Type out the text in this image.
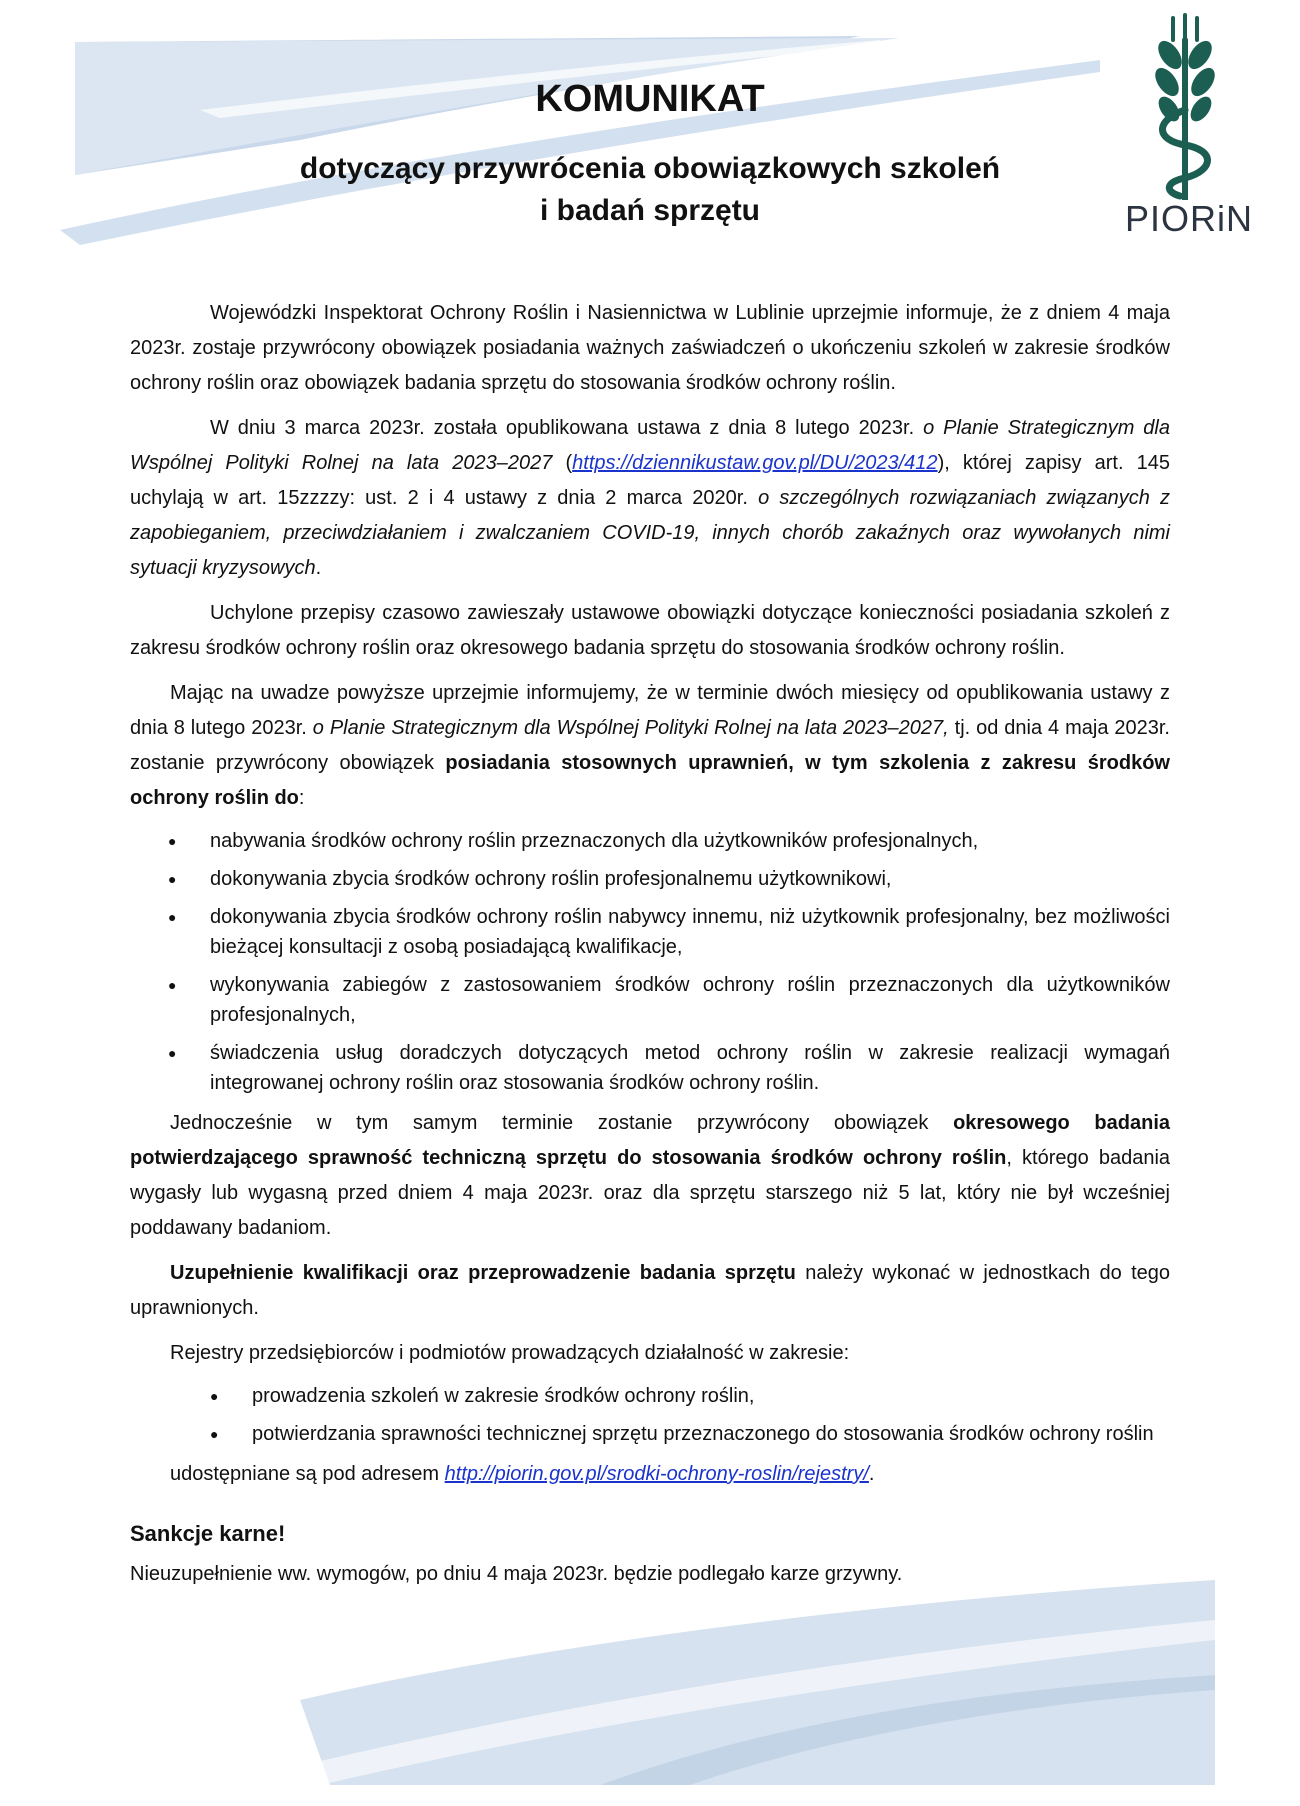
PIORiN
KOMUNIKAT
dotyczący przywrócenia obowiązkowych szkoleń
i badań sprzętu

Wojewódzki Inspektorat Ochrony Roślin i Nasiennictwa w Lublinie uprzejmie informuje, że z dniem 4 maja 2023r. zostaje przywrócony obowiązek posiadania ważnych zaświadczeń o ukończeniu szkoleń w zakresie środków ochrony roślin oraz obowiązek badania sprzętu do stosowania środków ochrony roślin.

W dniu 3 marca 2023r. została opublikowana ustawa z dnia 8 lutego 2023r. o Planie Strategicznym dla Wspólnej Polityki Rolnej na lata 2023–2027 (https://dziennikustaw.gov.pl/DU/2023/412), której zapisy art. 145 uchylają w art. 15zzzzy: ust. 2 i 4 ustawy z dnia 2 marca 2020r. o szczególnych rozwiązaniach związanych z zapobieganiem, przeciwdziałaniem i zwalczaniem COVID-19, innych chorób zakaźnych oraz wywołanych nimi sytuacji kryzysowych.

Uchylone przepisy czasowo zawieszały ustawowe obowiązki dotyczące konieczności posiadania szkoleń z zakresu środków ochrony roślin oraz okresowego badania sprzętu do stosowania środków ochrony roślin.

Mając na uwadze powyższe uprzejmie informujemy, że w terminie dwóch miesięcy od opublikowania ustawy z dnia 8 lutego 2023r. o Planie Strategicznym dla Wspólnej Polityki Rolnej na lata 2023–2027, tj. od dnia 4 maja 2023r. zostanie przywrócony obowiązek posiadania stosownych uprawnień, w tym szkolenia z zakresu środków ochrony roślin do:

● nabywania środków ochrony roślin przeznaczonych dla użytkowników profesjonalnych,
● dokonywania zbycia środków ochrony roślin profesjonalnemu użytkownikowi,
● dokonywania zbycia środków ochrony roślin nabywcy innemu, niż użytkownik profesjonalny, bez możliwości bieżącej konsultacji z osobą posiadającą kwalifikacje,
● wykonywania zabiegów z zastosowaniem środków ochrony roślin przeznaczonych dla użytkowników profesjonalnych,
● świadczenia usług doradczych dotyczących metod ochrony roślin w zakresie realizacji wymagań integrowanej ochrony roślin oraz stosowania środków ochrony roślin.

Jednocześnie w tym samym terminie zostanie przywrócony obowiązek okresowego badania potwierdzającego sprawność techniczną sprzętu do stosowania środków ochrony roślin, którego badania wygasły lub wygasną przed dniem 4 maja 2023r. oraz dla sprzętu starszego niż 5 lat, który nie był wcześniej poddawany badaniom.

Uzupełnienie kwalifikacji oraz przeprowadzenie badania sprzętu należy wykonać w jednostkach do tego uprawnionych.

Rejestry przedsiębiorców i podmiotów prowadzących działalność w zakresie:

● prowadzenia szkoleń w zakresie środków ochrony roślin,
● potwierdzania sprawności technicznej sprzętu przeznaczonego do stosowania środków ochrony roślin

udostępniane są pod adresem http://piorin.gov.pl/srodki-ochrony-roslin/rejestry/.

Sankcje karne!

Nieuzupełnienie ww. wymogów, po dniu 4 maja 2023r. będzie podlegało karze grzywny.
